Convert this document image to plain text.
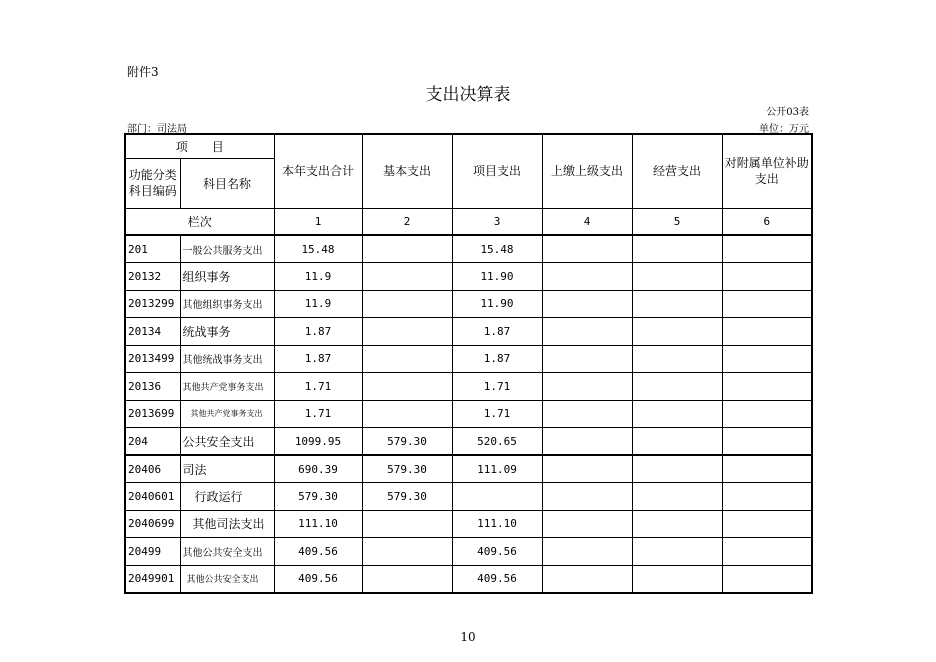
附件3
支出决算表
公开03表
部门：司法局	单位：万元
项　　目		本年支出合计	基本支出	项目支出	上缴上级支出	经营支出	对附属单位补助支出
功能分类科目编码	科目名称						
栏次		1	2	3	4	5	6
201	一般公共服务支出	15.48		15.48			
20132	组织事务	11.9		11.90			
2013299	其他组织事务支出	11.9		11.90			
20134	统战事务	1.87		1.87			
2013499	其他统战事务支出	1.87		1.87			
20136	其他共产党事务支出	1.71		1.71			
2013699	其他共产党事务支出	1.71		1.71			
204	公共安全支出	1099.95	579.30	520.65			
20406	司法	690.39	579.30	111.09			
2040601	行政运行	579.30	579.30				
2040699	其他司法支出	111.10		111.10			
20499	其他公共安全支出	409.56		409.56			
2049901	其他公共安全支出	409.56		409.56			
10
